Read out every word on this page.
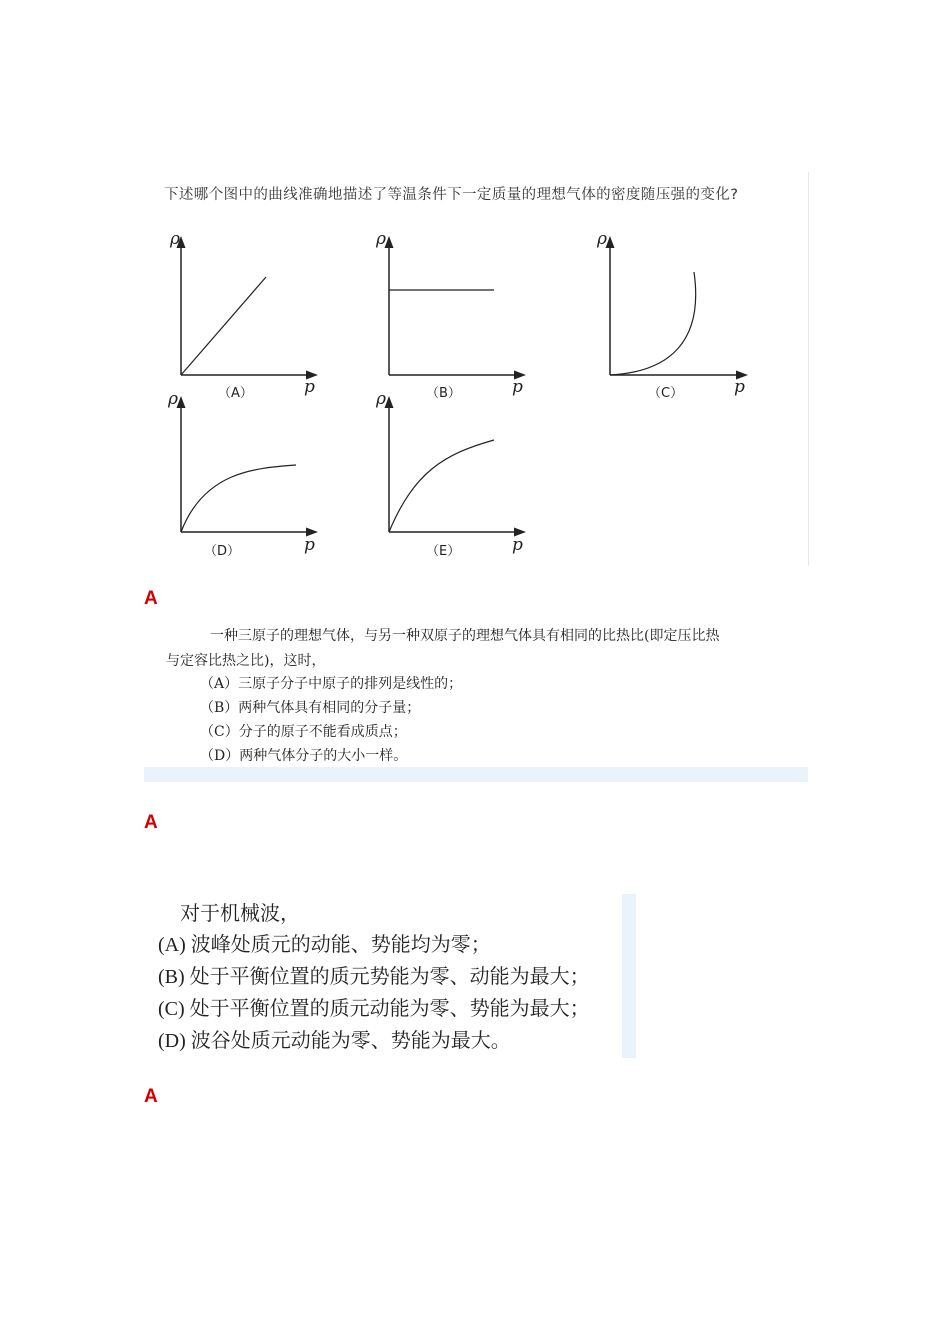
下述哪个图中的曲线准确地描述了等温条件下一定质量的理想气体的密度随压强的变化?
ρ
p
（A）
ρ
p
（B）
ρ
p
（C）
ρ
p
（D）
ρ
p
（E）
A
一种三原子的理想气体，与另一种双原子的理想气体具有相同的比热比(即定压比热
与定容比热之比)，这时，
（A）三原子分子中原子的排列是线性的；
（B）两种气体具有相同的分子量；
（C）分子的原子不能看成质点；
（D）两种气体分子的大小一样。
A
对于机械波，
(A) 波峰处质元的动能、势能均为零；
(B) 处于平衡位置的质元势能为零、动能为最大；
(C) 处于平衡位置的质元动能为零、势能为最大；
(D) 波谷处质元动能为零、势能为最大。
A
